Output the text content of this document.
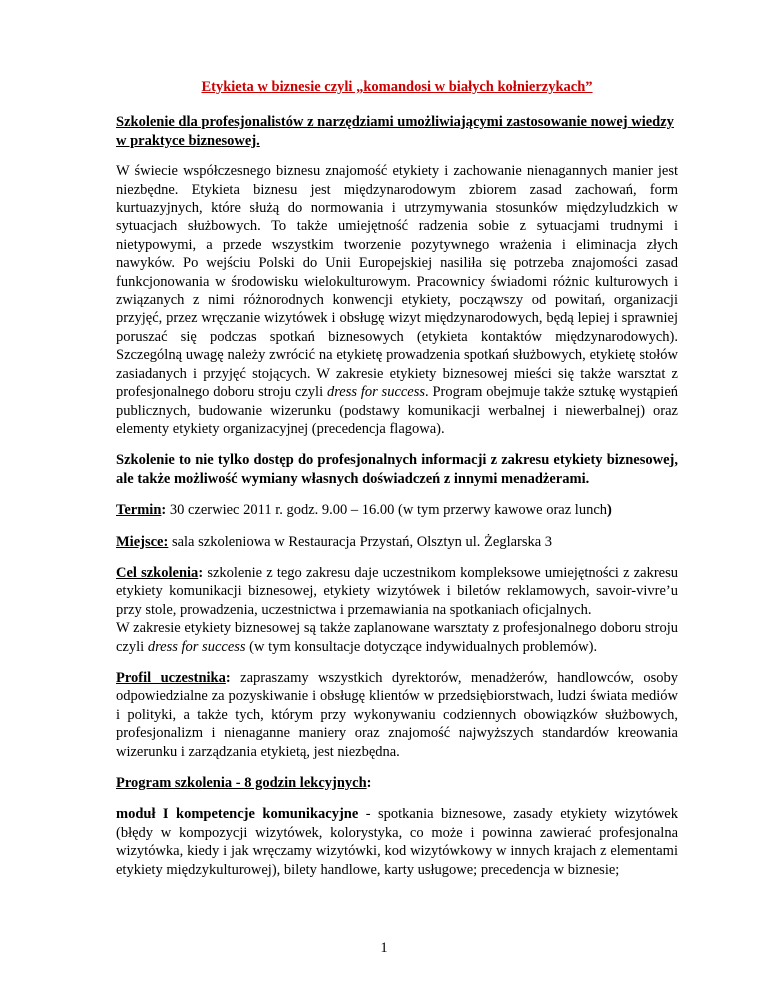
Etykieta w biznesie czyli „komandosi w białych kołnierzykach”

Szkolenie dla profesjonalistów z narzędziami umożliwiającymi zastosowanie nowej wiedzy w praktyce biznesowej.

W świecie współczesnego biznesu znajomość etykiety i zachowanie nienagannych manier jest niezbędne. Etykieta biznesu jest międzynarodowym zbiorem zasad zachowań, form kurtuazyjnych, które służą do normowania i utrzymywania stosunków międzyludzkich w sytuacjach służbowych. To także umiejętność radzenia sobie z sytuacjami trudnymi i nietypowymi, a przede wszystkim tworzenie pozytywnego wrażenia i eliminacja złych nawyków. Po wejściu Polski do Unii Europejskiej nasiliła się potrzeba znajomości zasad funkcjonowania w środowisku wielokulturowym. Pracownicy świadomi różnic kulturowych i związanych z nimi różnorodnych konwencji etykiety, począwszy od powitań, organizacji przyjęć, przez wręczanie wizytówek i obsługę wizyt międzynarodowych, będą lepiej i sprawniej poruszać się podczas spotkań biznesowych (etykieta kontaktów międzynarodowych). Szczególną uwagę należy zwrócić na etykietę prowadzenia spotkań służbowych, etykietę stołów zasiadanych i przyjęć stojących. W zakresie etykiety biznesowej mieści się także warsztat z profesjonalnego doboru stroju czyli dress for success. Program obejmuje także sztukę wystąpień publicznych, budowanie wizerunku (podstawy komunikacji werbalnej i niewerbalnej) oraz elementy etykiety organizacyjnej (precedencja flagowa).

Szkolenie to nie tylko dostęp do profesjonalnych informacji z zakresu etykiety biznesowej, ale także możliwość wymiany własnych doświadczeń z innymi menadżerami.

Termin: 30 czerwiec 2011 r. godz. 9.00 – 16.00 (w tym przerwy kawowe oraz lunch)

Miejsce: sala szkoleniowa w Restauracja Przystań, Olsztyn ul. Żeglarska 3

Cel szkolenia: szkolenie z tego zakresu daje uczestnikom kompleksowe umiejętności z zakresu etykiety komunikacji biznesowej, etykiety wizytówek i biletów reklamowych, savoir-vivre’u przy stole, prowadzenia, uczestnictwa i przemawiania na spotkaniach oficjalnych.
W zakresie etykiety biznesowej są także zaplanowane warsztaty z profesjonalnego doboru stroju czyli dress for success (w tym konsultacje dotyczące indywidualnych problemów).

Profil uczestnika: zapraszamy wszystkich dyrektorów, menadżerów, handlowców, osoby odpowiedzialne za pozyskiwanie i obsługę klientów w przedsiębiorstwach, ludzi świata mediów i polityki, a także tych, którym przy wykonywaniu codziennych obowiązków służbowych, profesjonalizm i nienaganne maniery oraz znajomość najwyższych standardów kreowania wizerunku i zarządzania etykietą, jest niezbędna.

Program szkolenia - 8 godzin lekcyjnych:

moduł I kompetencje komunikacyjne - spotkania biznesowe, zasady etykiety wizytówek (błędy w kompozycji wizytówek, kolorystyka, co może i powinna zawierać profesjonalna wizytówka, kiedy i jak wręczamy wizytówki, kod wizytówkowy w innych krajach z elementami etykiety międzykulturowej), bilety handlowe, karty usługowe; precedencja w biznesie;

1
